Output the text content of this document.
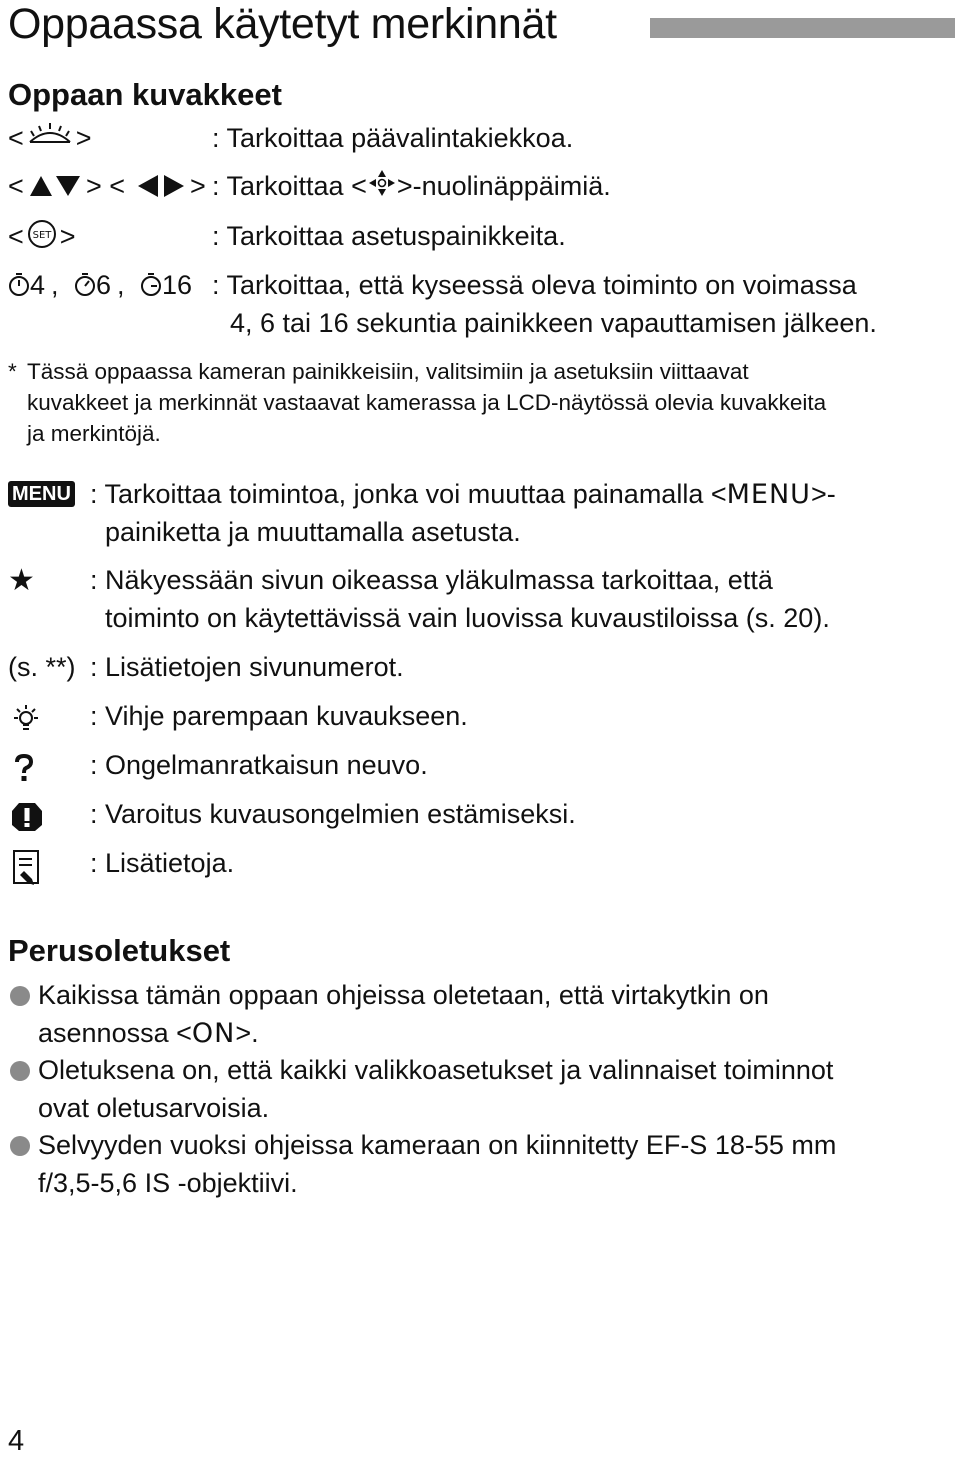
Oppaassa käytetyt merkinnät
Oppaan kuvakkeet
< >	: Tarkoittaa päävalintakiekkoa.
< > < > : Tarkoittaa < >-nuolinäppäimiä.
< SET >	: Tarkoittaa asetuspainikkeita.
4 , 6 , 16 : Tarkoittaa, että kyseessä oleva toiminto on voimassa
4, 6 tai 16 sekuntia painikkeen vapauttamisen jälkeen.
* Tässä oppaassa kameran painikkeisiin, valitsimiin ja asetuksiin viittaavat
kuvakkeet ja merkinnät vastaavat kamerassa ja LCD-näytössä olevia kuvakkeita
ja merkintöjä.
MENU : Tarkoittaa toimintoa, jonka voi muuttaa painamalla <MENU>-
painiketta ja muuttamalla asetusta.
★ : Näkyessään sivun oikeassa yläkulmassa tarkoittaa, että
toiminto on käytettävissä vain luovissa kuvaustiloissa (s. 20).
(s. **) : Lisätietojen sivunumerot.
: Vihje parempaan kuvaukseen.
: Ongelmanratkaisun neuvo.
: Varoitus kuvausongelmien estämiseksi.
: Lisätietoja.
Perusoletukset
Kaikissa tämän oppaan ohjeissa oletetaan, että virtakytkin on
asennossa <ON>.
Oletuksena on, että kaikki valikkoasetukset ja valinnaiset toiminnot
ovat oletusarvoisia.
Selvyyden vuoksi ohjeissa kameraan on kiinnitetty EF-S 18-55 mm
f/3,5-5,6 IS -objektiivi.
4
